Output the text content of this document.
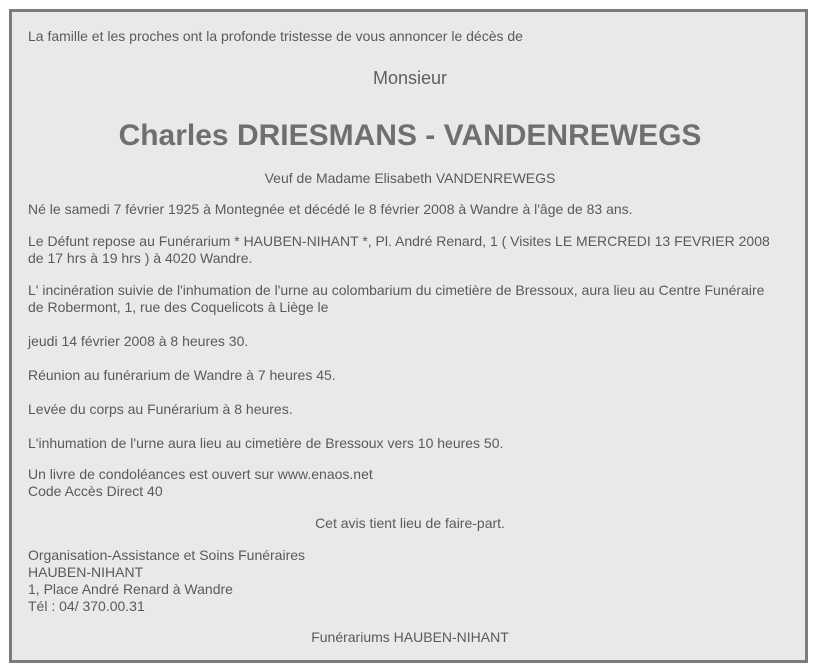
La famille et les proches ont la profonde tristesse de vous annoncer le décès de
Monsieur
Charles DRIESMANS - VANDENREWEGS
Veuf de Madame Elisabeth VANDENREWEGS
Né le samedi 7 février 1925 à Montegnée et décédé le 8 février 2008 à Wandre à l'âge de 83 ans.
Le Défunt repose au Funérarium * HAUBEN-NIHANT *, Pl. André Renard, 1 ( Visites LE MERCREDI 13 FEVRIER 2008 de 17 hrs à 19 hrs ) à 4020 Wandre.
L' incinération suivie de l'inhumation de l'urne au colombarium du cimetière de Bressoux, aura lieu au Centre Funéraire de Robermont, 1, rue des Coquelicots à Liège le
jeudi 14 février 2008 à 8 heures 30.
Réunion au funérarium de Wandre à 7 heures 45.
Levée du corps au Funérarium à 8 heures.
L'inhumation de l'urne aura lieu au cimetière de Bressoux vers 10 heures 50.
Un livre de condoléances est ouvert sur www.enaos.net
Code Accès Direct 40
Cet avis tient lieu de faire-part.
Organisation-Assistance et Soins Funéraires
HAUBEN-NIHANT
1, Place André Renard à Wandre
Tél : 04/ 370.00.31
Funérariums HAUBEN-NIHANT
